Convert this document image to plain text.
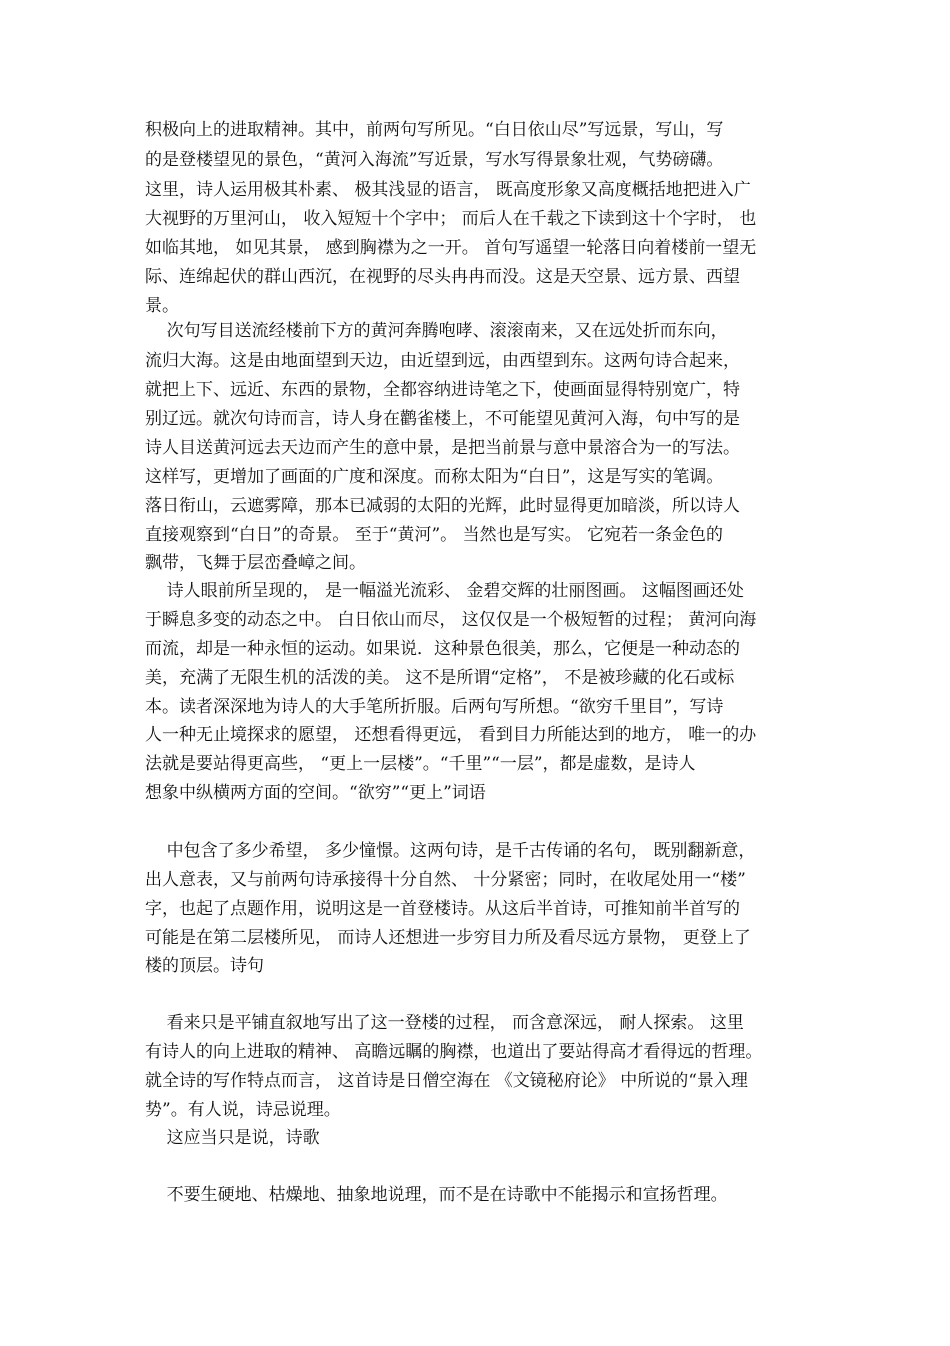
积极向上的进取精神。其中，前两句写所见。“白日依山尽”写远景，写山，写
的是登楼望见的景色，“黄河入海流”写近景，写水写得景象壮观，气势磅礴。
这里，诗人运用极其朴素、 极其浅显的语言， 既高度形象又高度概括地把进入广
大视野的万里河山， 收入短短十个字中； 而后人在千载之下读到这十个字时， 也
如临其地， 如见其景， 感到胸襟为之一开。 首句写遥望一轮落日向着楼前一望无
际、连绵起伏的群山西沉，在视野的尽头冉冉而没。这是天空景、远方景、西望
景。
次句写目送流经楼前下方的黄河奔腾咆哮、滚滚南来，又在远处折而东向，
流归大海。这是由地面望到天边，由近望到远，由西望到东。这两句诗合起来，
就把上下、远近、东西的景物，全都容纳进诗笔之下，使画面显得特别宽广，特
别辽远。就次句诗而言，诗人身在鹳雀楼上，不可能望见黄河入海，句中写的是
诗人目送黄河远去天边而产生的意中景，是把当前景与意中景溶合为一的写法。
这样写，更增加了画面的广度和深度。而称太阳为“白日”，这是写实的笔调。
落日衔山，云遮雾障，那本已减弱的太阳的光辉，此时显得更加暗淡，所以诗人
直接观察到“白日”的奇景。 至于“黄河”。 当然也是写实。 它宛若一条金色的
飘带，飞舞于层峦叠嶂之间。
诗人眼前所呈现的， 是一幅溢光流彩、 金碧交辉的壮丽图画。 这幅图画还处
于瞬息多变的动态之中。 白日依山而尽， 这仅仅是一个极短暂的过程； 黄河向海
而流，却是一种永恒的运动。如果说．这种景色很美，那么，它便是一种动态的
美，充满了无限生机的活泼的美。 这不是所谓“定格”， 不是被珍藏的化石或标
本。读者深深地为诗人的大手笔所折服。后两句写所想。“欲穷千里目”，写诗
人一种无止境探求的愿望， 还想看得更远， 看到目力所能达到的地方， 唯一的办
法就是要站得更高些， “更上一层楼”。“千里”“一层”，都是虚数，是诗人
想象中纵横两方面的空间。“欲穷”“更上”词语
中包含了多少希望， 多少憧憬。这两句诗，是千古传诵的名句， 既别翻新意，
出人意表，又与前两句诗承接得十分自然、 十分紧密；同时，在收尾处用一“楼”
字，也起了点题作用，说明这是一首登楼诗。从这后半首诗，可推知前半首写的
可能是在第二层楼所见， 而诗人还想进一步穷目力所及看尽远方景物， 更登上了
楼的顶层。诗句
看来只是平铺直叙地写出了这一登楼的过程， 而含意深远， 耐人探索。 这里
有诗人的向上进取的精神、 高瞻远瞩的胸襟，也道出了要站得高才看得远的哲理。
就全诗的写作特点而言， 这首诗是日僧空海在 《文镜秘府论》 中所说的“景入理
势”。有人说，诗忌说理。
这应当只是说，诗歌
不要生硬地、枯燥地、抽象地说理，而不是在诗歌中不能揭示和宣扬哲理。
